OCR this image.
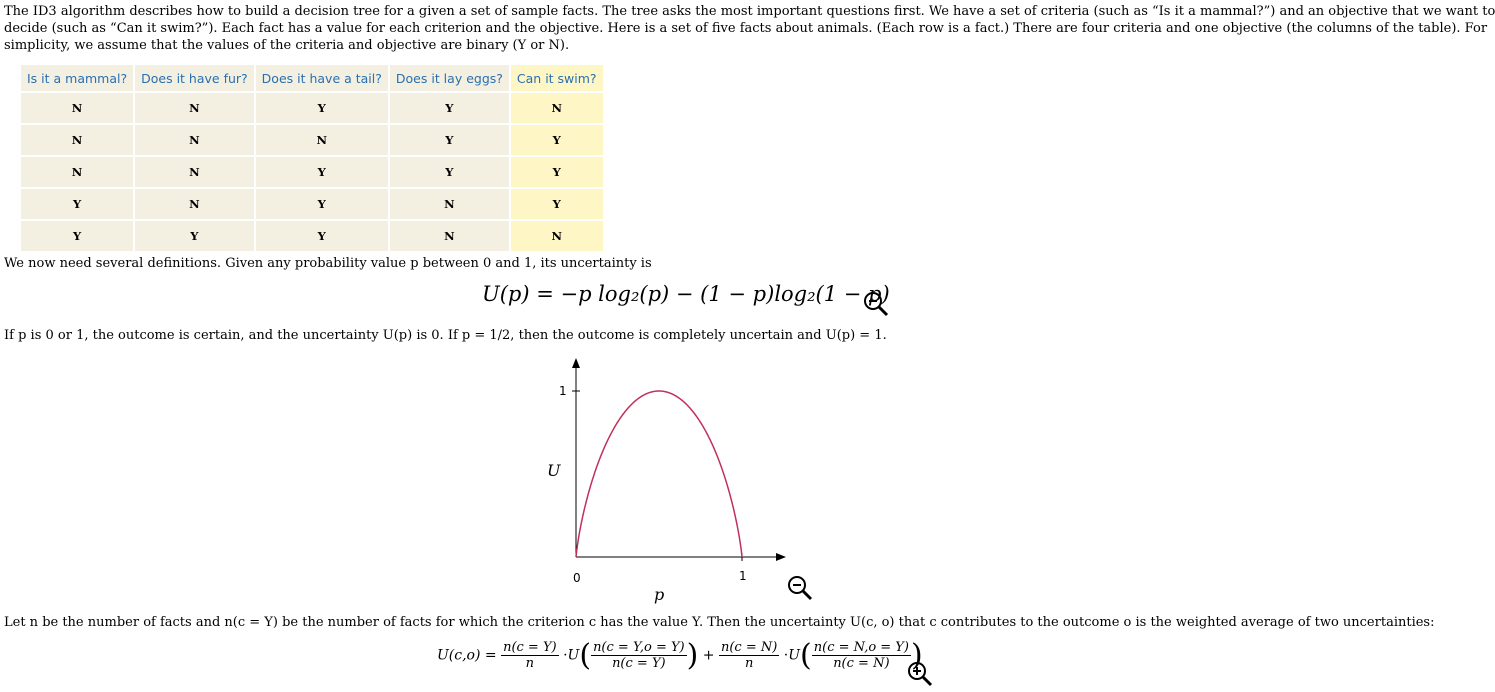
The ID3 algorithm describes how to build a decision tree for a given a set of sample facts. The tree asks the most important questions first. We have a set of criteria (such as “Is it a mammal?”) and an objective that we want to
decide (such as “Can it swim?”). Each fact has a value for each criterion and the objective. Here is a set of five facts about animals. (Each row is a fact.) There are four criteria and one objective (the columns of the table). For
simplicity, we assume that the values of the criteria and objective are binary (Y or N).
Is it a mammal?	Does it have fur?	Does it have a tail?	Does it lay eggs?	Can it swim?
N	N	Y	Y	N
N	N	N	Y	Y
N	N	Y	Y	Y
Y	N	Y	N	Y
Y	Y	Y	N	N
We now need several definitions. Given any probability value p between 0 and 1, its uncertainty is
U(p) = −p log₂(p) − (1 − p)log₂(1 − p)
If p is 0 or 1, the outcome is certain, and the uncertainty U(p) is 0. If p = 1/2, then the outcome is completely uncertain and U(p) = 1.
1
U
0	1
p
Let n be the number of facts and n(c = Y) be the number of facts for which the criterion c has the value Y. Then the uncertainty U(c, o) that c contributes to the outcome o is the weighted average of two uncertainties:
$U(c,o) = \frac{n(c = Y)}{n} \cdot U( \frac{n(c = Y,o = Y)}{n(c = Y)}$ ) + $\frac{n(c = N)}{n} \cdot U( \frac{n(c = N,o = Y)}{n(c = N)}$ )
